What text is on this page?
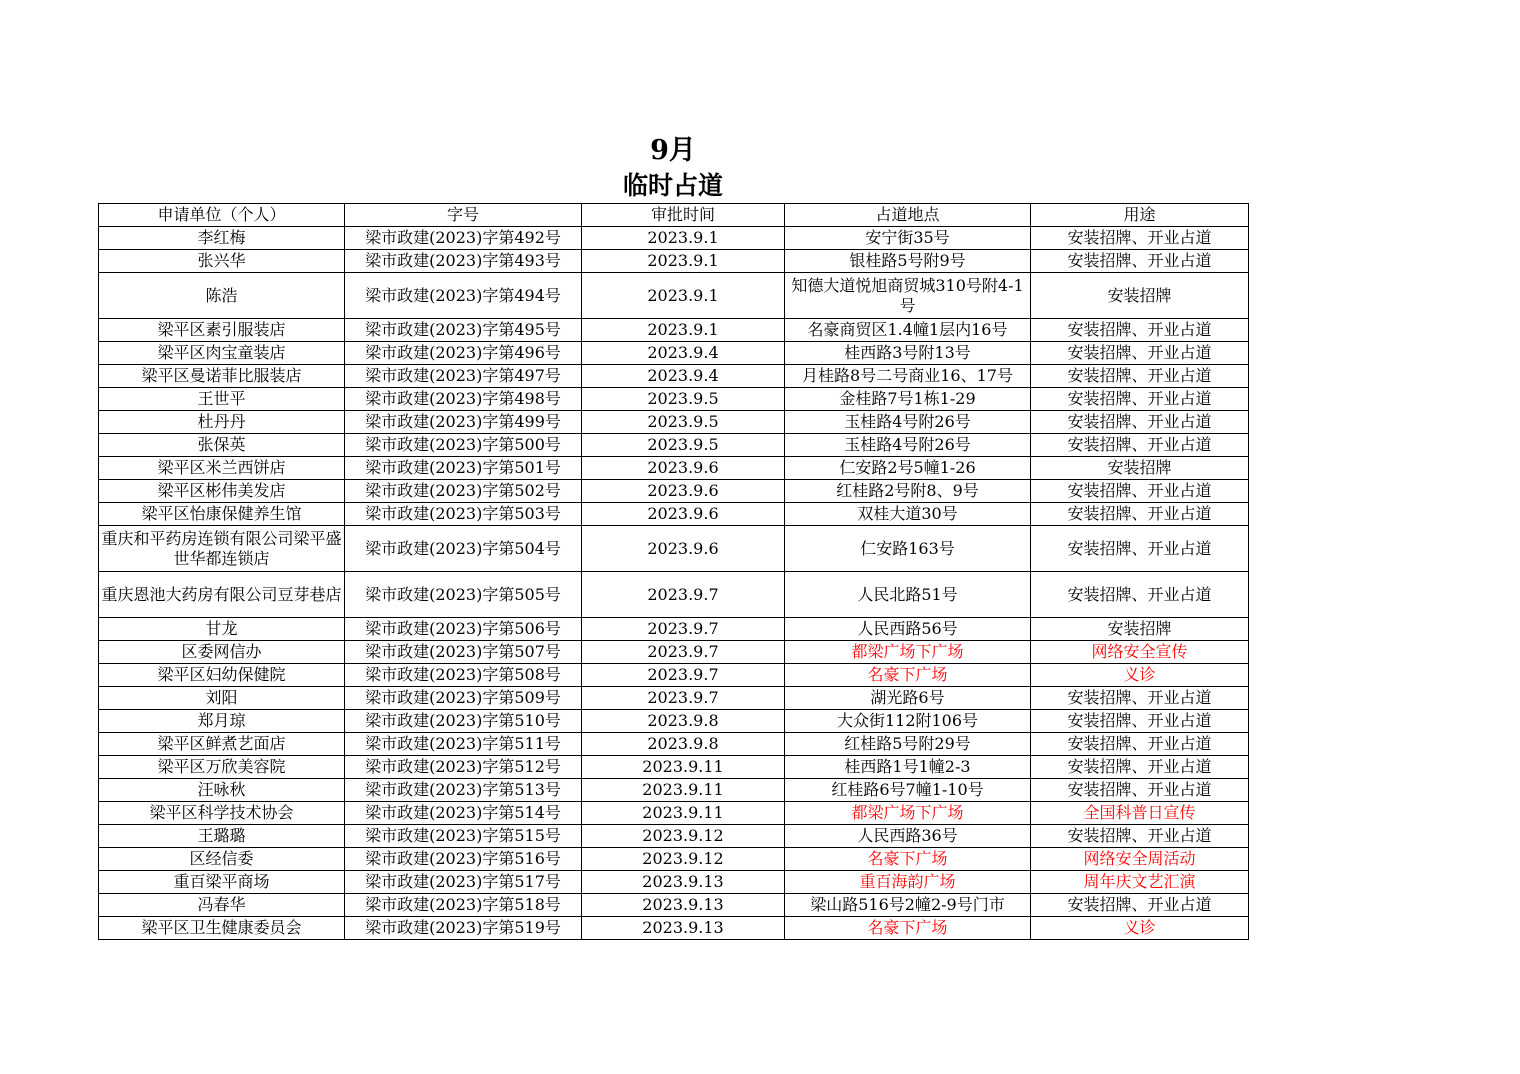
9月
临时占道
申请单位（个人）	字号	审批时间	占道地点	用途
李红梅	梁市政建(2023)字第492号	2023.9.1	安宁街35号	安装招牌、开业占道
张兴华	梁市政建(2023)字第493号	2023.9.1	银桂路5号附9号	安装招牌、开业占道
陈浩	梁市政建(2023)字第494号	2023.9.1	知德大道悦旭商贸城310号附4-1号	安装招牌
梁平区素引服装店	梁市政建(2023)字第495号	2023.9.1	名豪商贸区1.4幢1层内16号	安装招牌、开业占道
梁平区肉宝童装店	梁市政建(2023)字第496号	2023.9.4	桂西路3号附13号	安装招牌、开业占道
梁平区曼诺菲比服装店	梁市政建(2023)字第497号	2023.9.4	月桂路8号二号商业16、17号	安装招牌、开业占道
王世平	梁市政建(2023)字第498号	2023.9.5	金桂路7号1栋1-29	安装招牌、开业占道
杜丹丹	梁市政建(2023)字第499号	2023.9.5	玉桂路4号附26号	安装招牌、开业占道
张保英	梁市政建(2023)字第500号	2023.9.5	玉桂路4号附26号	安装招牌、开业占道
梁平区米兰西饼店	梁市政建(2023)字第501号	2023.9.6	仁安路2号5幢1-26	安装招牌
梁平区彬伟美发店	梁市政建(2023)字第502号	2023.9.6	红桂路2号附8、9号	安装招牌、开业占道
梁平区怡康保健养生馆	梁市政建(2023)字第503号	2023.9.6	双桂大道30号	安装招牌、开业占道
重庆和平药房连锁有限公司梁平盛世华都连锁店	梁市政建(2023)字第504号	2023.9.6	仁安路163号	安装招牌、开业占道
重庆恩池大药房有限公司豆芽巷店	梁市政建(2023)字第505号	2023.9.7	人民北路51号	安装招牌、开业占道
甘龙	梁市政建(2023)字第506号	2023.9.7	人民西路56号	安装招牌
区委网信办	梁市政建(2023)字第507号	2023.9.7	都梁广场下广场	网络安全宣传
梁平区妇幼保健院	梁市政建(2023)字第508号	2023.9.7	名豪下广场	义诊
刘阳	梁市政建(2023)字第509号	2023.9.7	湖光路6号	安装招牌、开业占道
郑月琼	梁市政建(2023)字第510号	2023.9.8	大众街112附106号	安装招牌、开业占道
梁平区鲜煮艺面店	梁市政建(2023)字第511号	2023.9.8	红桂路5号附29号	安装招牌、开业占道
梁平区万欣美容院	梁市政建(2023)字第512号	2023.9.11	桂西路1号1幢2-3	安装招牌、开业占道
汪咏秋	梁市政建(2023)字第513号	2023.9.11	红桂路6号7幢1-10号	安装招牌、开业占道
梁平区科学技术协会	梁市政建(2023)字第514号	2023.9.11	都梁广场下广场	全国科普日宣传
王璐璐	梁市政建(2023)字第515号	2023.9.12	人民西路36号	安装招牌、开业占道
区经信委	梁市政建(2023)字第516号	2023.9.12	名豪下广场	网络安全周活动
重百梁平商场	梁市政建(2023)字第517号	2023.9.13	重百海韵广场	周年庆文艺汇演
冯春华	梁市政建(2023)字第518号	2023.9.13	梁山路516号2幢2-9号门市	安装招牌、开业占道
梁平区卫生健康委员会	梁市政建(2023)字第519号	2023.9.13	名豪下广场	义诊
